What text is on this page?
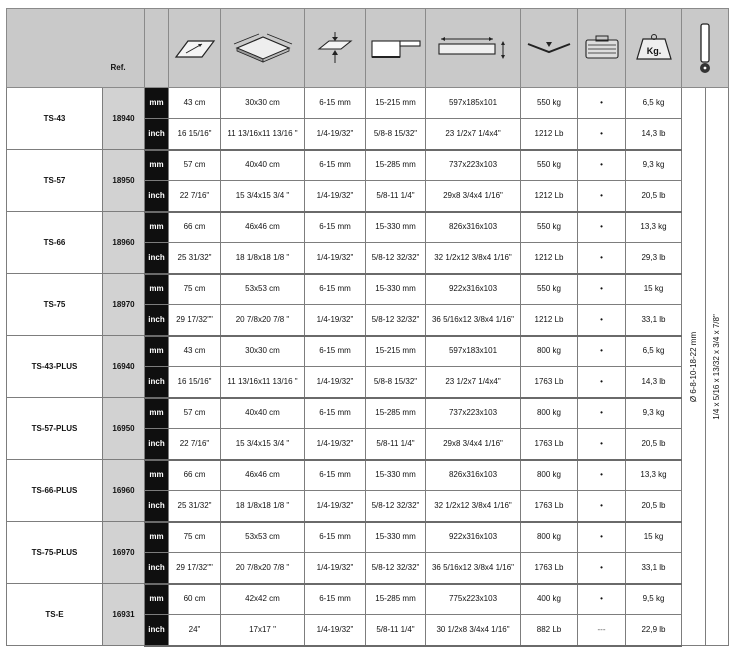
	Ref.									Kg.

TS-43	18940	mm	43 cm	30x30 cm	6-15 mm	15-215 mm	597x185x101	550 kg	•	6,5 kg	Ø 6-8-10-18-22 mm	1/4 x 5/16 x 13/32 x 3/4 x 7/8"

		inch	16 15/16"	11 13/16x11 13/16 "	1/4-19/32"	5/8-8 15/32"	23 1/2x7 1/4x4"	1212 Lb	•	14,3 lb		
TS-57	18950	mm	57 cm	40x40 cm	6-15 mm	15-285 mm	737x223x103	550 kg	•	9,3 kg		
		inch	22 7/16"	15 3/4x15 3/4 "	1/4-19/32"	5/8-11 1/4"	29x8 3/4x4 1/16"	1212 Lb	•	20,5 lb		
TS-66	18960	mm	66 cm	46x46 cm	6-15 mm	15-330 mm	826x316x103	550 kg	•	13,3 kg		
		inch	25 31/32"	18 1/8x18 1/8 "	1/4-19/32"	5/8-12 32/32"	32 1/2x12 3/8x4 1/16"	1212 Lb	•	29,3 lb		
TS-75	18970	mm	75 cm	53x53 cm	6-15 mm	15-330 mm	922x316x103	550 kg	•	15 kg		
		inch	29 17/32""	20 7/8x20 7/8 "	1/4-19/32"	5/8-12 32/32"	36 5/16x12 3/8x4 1/16"	1212 Lb	•	33,1 lb		
TS-43-PLUS	16940	mm	43 cm	30x30 cm	6-15 mm	15-215 mm	597x183x101	800 kg	•	6,5 kg		
		inch	16 15/16"	11 13/16x11 13/16 "	1/4-19/32"	5/8-8 15/32"	23 1/2x7 1/4x4"	1763 Lb	•	14,3 lb		
TS-57-PLUS	16950	mm	57 cm	40x40 cm	6-15 mm	15-285 mm	737x223x103	800 kg	•	9,3 kg		
		inch	22 7/16"	15 3/4x15 3/4 "	1/4-19/32"	5/8-11 1/4"	29x8 3/4x4 1/16"	1763 Lb	•	20,5 lb		
TS-66-PLUS	16960	mm	66 cm	46x46 cm	6-15 mm	15-330 mm	826x316x103	800 kg	•	13,3 kg		
		inch	25 31/32"	18 1/8x18 1/8 "	1/4-19/32"	5/8-12 32/32"	32 1/2x12 3/8x4 1/16"	1763 Lb	•	20,5 lb		
TS-75-PLUS	16970	mm	75 cm	53x53 cm	6-15 mm	15-330 mm	922x316x103	800 kg	•	15 kg		
		inch	29 17/32""	20 7/8x20 7/8 "	1/4-19/32"	5/8-12 32/32"	36 5/16x12 3/8x4 1/16"	1763 Lb	•	33,1 lb		
TS-E	16931	mm	60 cm	42x42 cm	6-15 mm	15-285 mm	775x223x103	400 kg	•	9,5 kg		
		inch	24"	17x17 "	1/4-19/32"	5/8-11 1/4"	30 1/2x8 3/4x4 1/16"	882 Lb	---	22,9 lb		
